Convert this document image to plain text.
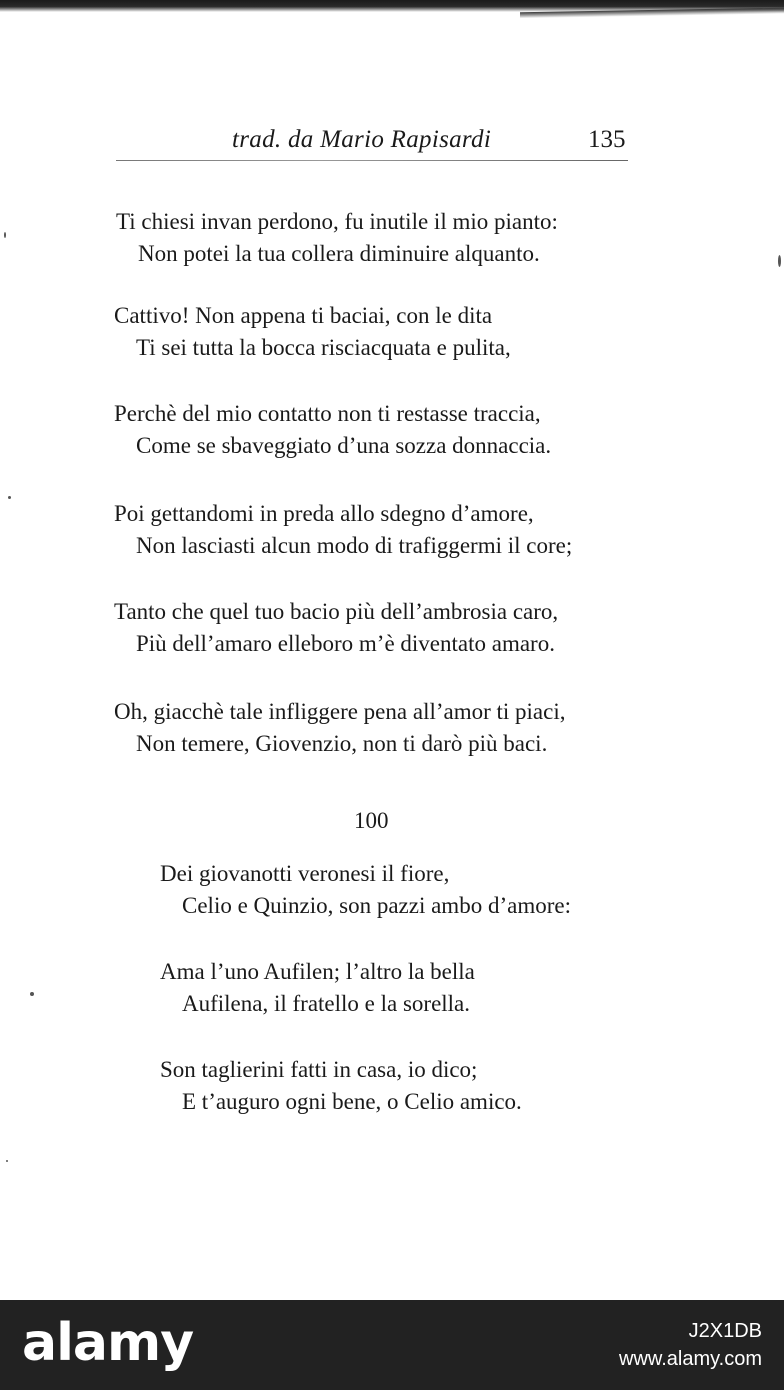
trad. da Mario Rapisardi	135
Ti chiesi invan perdono, fu inutile il mio pianto:
Non potei la tua collera diminuire alquanto.
Cattivo! Non appena ti baciai, con le dita
Ti sei tutta la bocca risciacquata e pulita,
Perchè del mio contatto non ti restasse traccia,
Come se sbaveggiato d’una sozza donnaccia.
Poi gettandomi in preda allo sdegno d’amore,
Non lasciasti alcun modo di trafiggermi il core;
Tanto che quel tuo bacio più dell’ambrosia caro,
Più dell’amaro elleboro m’è diventato amaro.
Oh, giacchè tale infliggere pena all’amor ti piaci,
Non temere, Giovenzio, non ti darò più baci.
100
Dei giovanotti veronesi il fiore,
Celio e Quinzio, son pazzi ambo d’amore:
Ama l’uno Aufilen; l’altro la bella
Aufilena, il fratello e la sorella.
Son taglierini fatti in casa, io dico;
E t’auguro ogni bene, o Celio amico.
alamy	J2X1DB
www.alamy.com
